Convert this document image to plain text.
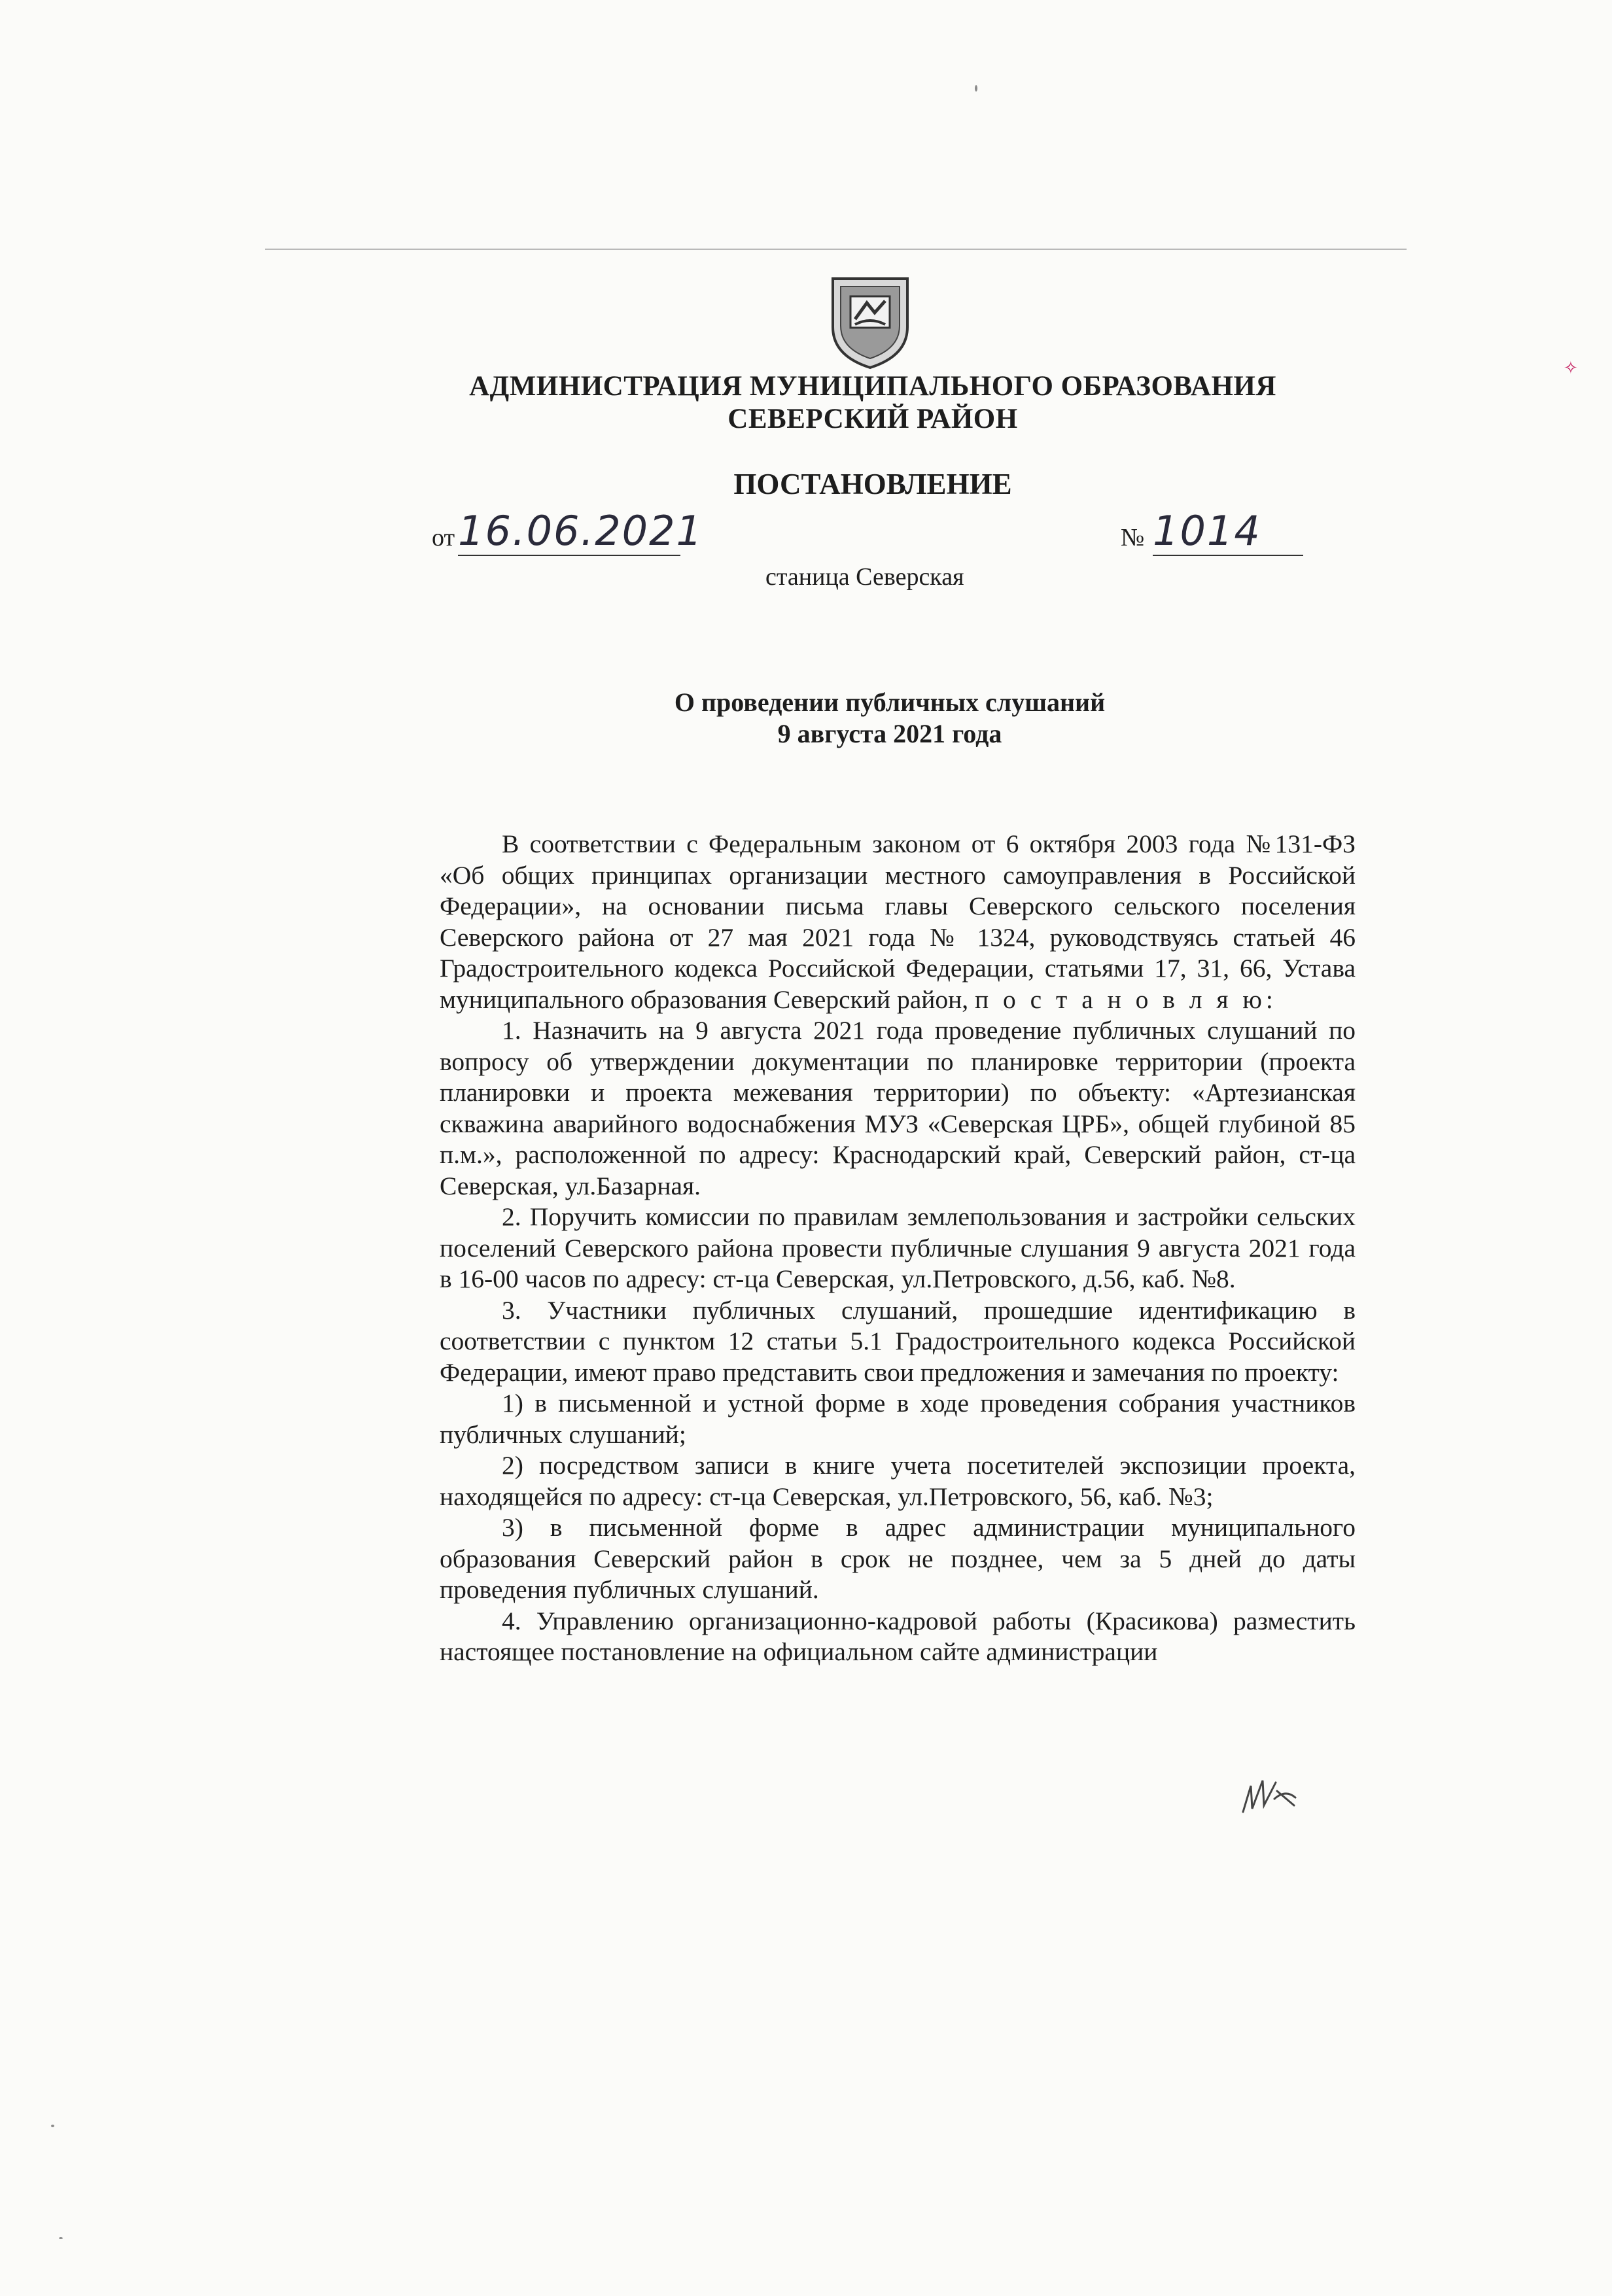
✧
АДМИНИСТРАЦИЯ МУНИЦИПАЛЬНОГО ОБРАЗОВАНИЯ
СЕВЕРСКИЙ РАЙОН
ПОСТАНОВЛЕНИЕ
от 16.06.2021	№ 1014
станица Северская
О проведении публичных слушаний
9 августа 2021 года

В соответствии с Федеральным законом от 6 октября 2003 года №131-ФЗ «Об общих принципах организации местного самоуправления в Российской Федерации», на основании письма главы Северского сельского поселения Северского района от 27 мая 2021 года № 1324, руководствуясь статьей 46 Градостроительного кодекса Российской Федерации, статьями 17, 31, 66, Устава муниципального образования Северский район, п о с т а н о в л я ю:

1. Назначить на 9 августа 2021 года проведение публичных слушаний по вопросу об утверждении документации по планировке территории (проекта планировки и проекта межевания территории) по объекту: «Артезианская скважина аварийного водоснабжения МУЗ «Северская ЦРБ», общей глубиной 85 п.м.», расположенной по адресу: Краснодарский край, Северский район, ст-ца Северская, ул.Базарная.

2. Поручить комиссии по правилам землепользования и застройки сельских поселений Северского района провести публичные слушания 9 августа 2021 года в 16-00 часов по адресу: ст-ца Северская, ул.Петровского, д.56, каб. №8.

3. Участники публичных слушаний, прошедшие идентификацию в соответствии с пунктом 12 статьи 5.1 Градостроительного кодекса Российской Федерации, имеют право представить свои предложения и замечания по проекту:

1) в письменной и устной форме в ходе проведения собрания участников публичных слушаний;

2) посредством записи в книге учета посетителей экспозиции проекта, находящейся по адресу: ст-ца Северская, ул.Петровского, 56, каб. №3;

3) в письменной форме в адрес администрации муниципального образования Северский район в срок не позднее, чем за 5 дней до даты проведения публичных слушаний.

4. Управлению организационно-кадровой работы (Красикова) разместить настоящее постановление на официальном сайте администрации
